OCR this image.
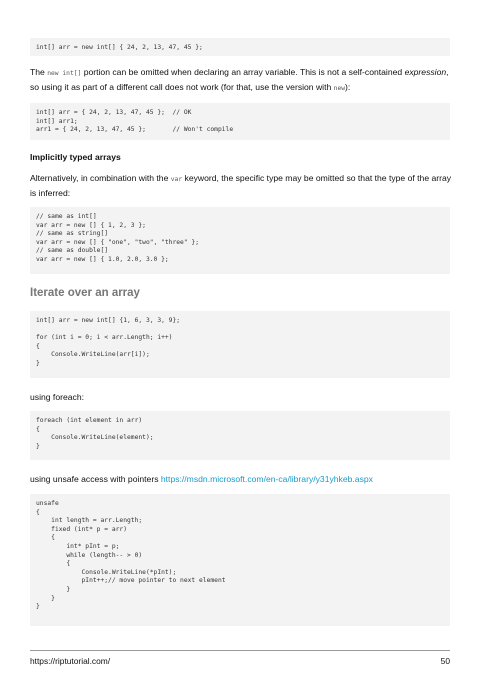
int[] arr = new int[] { 24, 2, 13, 47, 45 };
The new int[] portion can be omitted when declaring an array variable. This is not a self-contained expression, so using it as part of a different call does not work (for that, use the version with new):
int[] arr = { 24, 2, 13, 47, 45 };  // OK
int[] arr1;
arr1 = { 24, 2, 13, 47, 45 };       // Won't compile
Implicitly typed arrays
Alternatively, in combination with the var keyword, the specific type may be omitted so that the type of the array is inferred:
// same as int[]
var arr = new [] { 1, 2, 3 };
// same as string[]
var arr = new [] { "one", "two", "three" };
// same as double[]
var arr = new [] { 1.0, 2.0, 3.0 };
Iterate over an array
int[] arr = new int[] {1, 6, 3, 3, 9};

for (int i = 0; i < arr.Length; i++)
{
Console.WriteLine(arr[i]);
}
using foreach:
foreach (int element in arr)
{
Console.WriteLine(element);
}
using unsafe access with pointers https://msdn.microsoft.com/en-ca/library/y31yhkeb.aspx
unsafe
{
int length = arr.Length;
fixed (int* p = arr)
{
int* pInt = p;
while (length-- > 0)
{
Console.WriteLine(*pInt);
pInt++;// move pointer to next element
}
}
}
https://riptutorial.com/	50
